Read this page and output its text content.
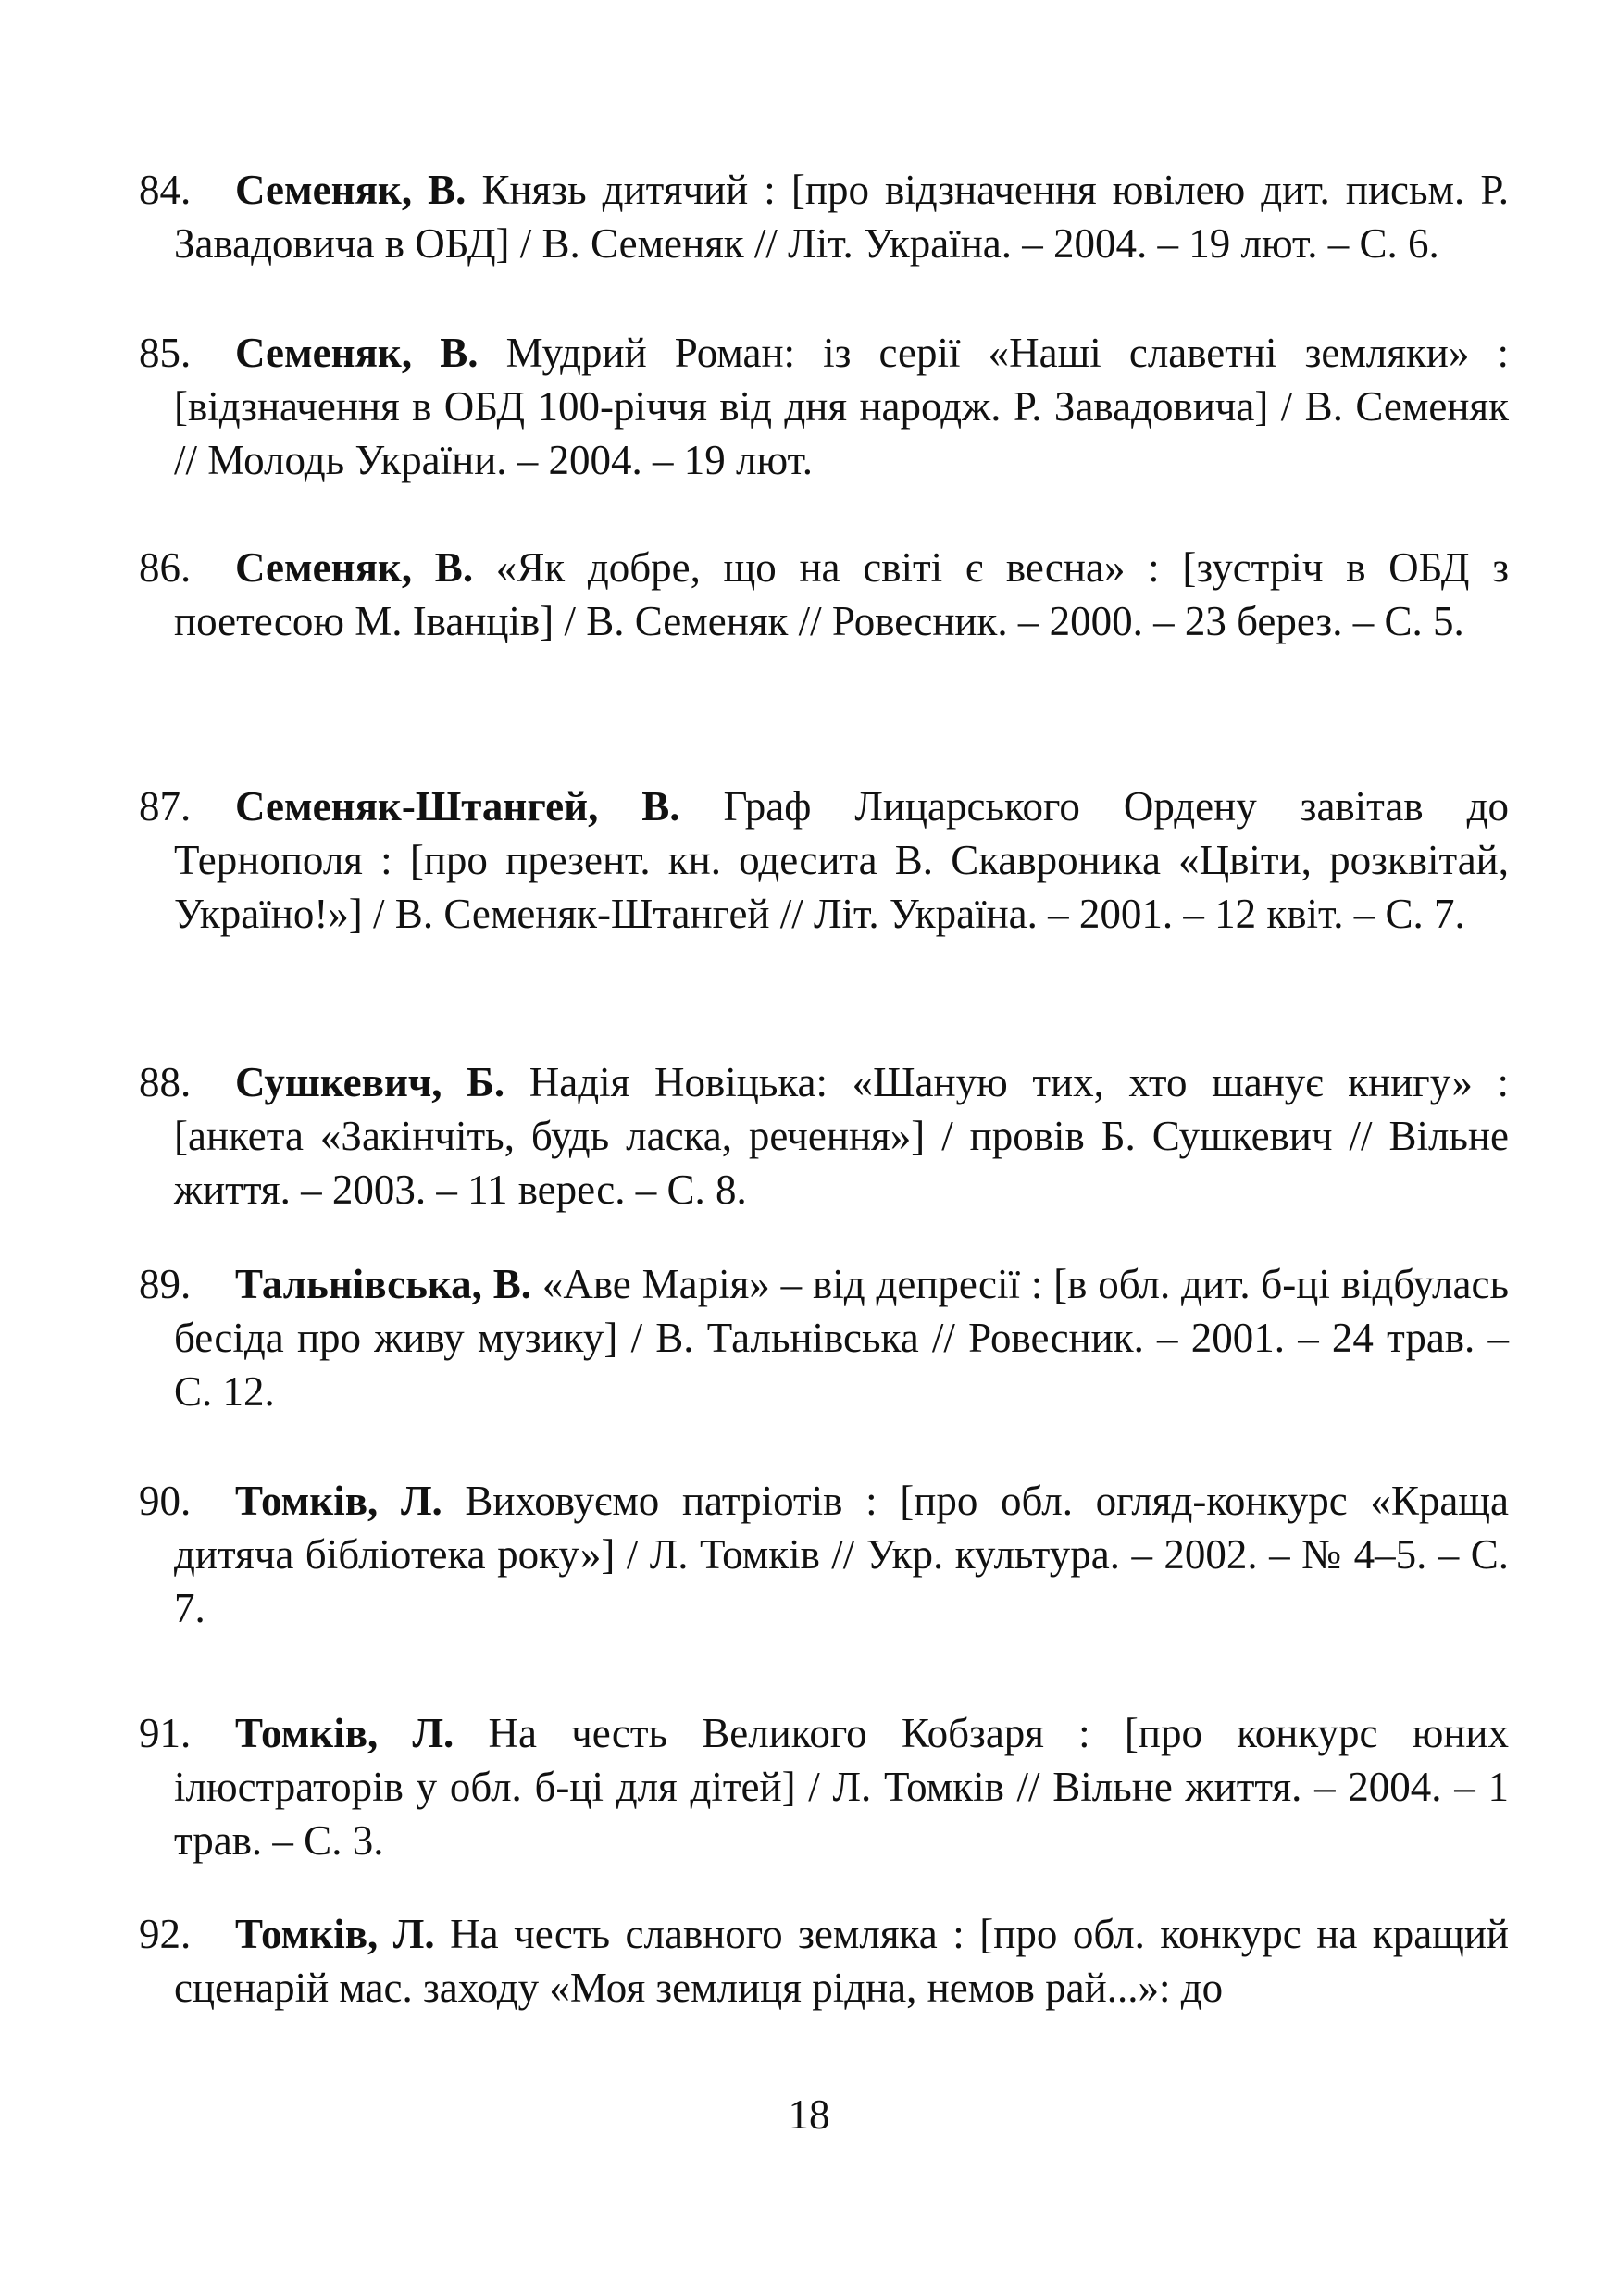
84. Семеняк, В. Князь дитячий : [про відзначення ювілею дит. письм. Р. Завадовича в ОБД] / В. Семеняк // Літ. Україна. – 2004. – 19 лют. – С. 6.
85. Семеняк, В. Мудрий Роман: із серії «Наші славетні земляки» : [відзначення в ОБД 100-річчя від дня народж. Р. Завадовича] / В. Семеняк // Молодь України. – 2004. – 19 лют.
86. Семеняк, В. «Як добре, що на світі є весна» : [зустріч в ОБД з поетесою М. Іванців] / В. Семеняк // Ровесник. – 2000. – 23 берез. – С. 5.
87. Семеняк-Штангей, В. Граф Лицарського Ордену завітав до Тернополя : [про презент. кн. одесита В. Скавроника «Цвіти, розквітай, Україно!»] / В. Семеняк-Штангей // Літ. Україна. – 2001. – 12 квіт. – С. 7.
88. Сушкевич, Б. Надія Новіцька: «Шаную тих, хто шанує книгу» : [анкета «Закінчіть, будь ласка, речення»] / провів Б. Сушкевич // Вільне життя. – 2003. – 11 верес. – С. 8.
89. Тальнівська, В. «Аве Марія» – від депресії : [в обл. дит. б-ці відбулась бесіда про живу музику] / В. Тальнівська // Ровесник. – 2001. – 24 трав. – С. 12.
90. Томків, Л. Виховуємо патріотів : [про обл. огляд-конкурс «Краща дитяча бібліотека року»] / Л. Томків // Укр. культура. – 2002. – № 4–5. – С. 7.
91. Томків, Л. На честь Великого Кобзаря : [про конкурс юних ілюстраторів у обл. б-ці для дітей] / Л. Томків // Вільне життя. – 2004. – 1 трав. – С. 3.
92. Томків, Л. На честь славного земляка : [про обл. конкурс на кращий сценарій мас. заходу «Моя землиця рідна, немов рай...»: до
18
